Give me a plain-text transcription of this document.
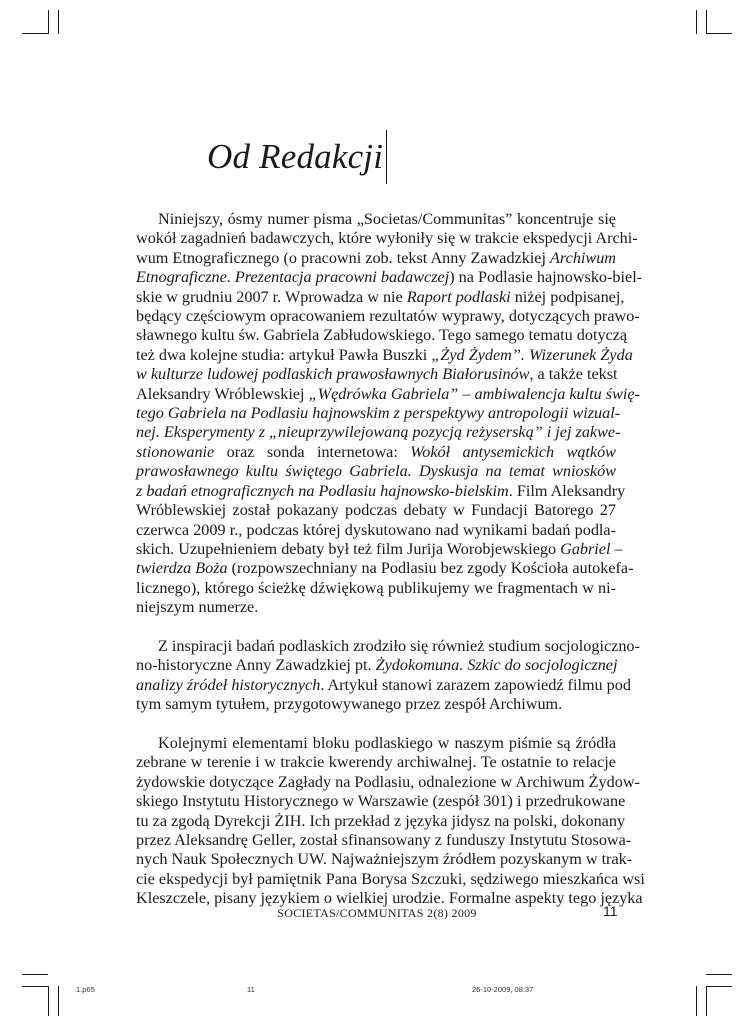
Od Redakcji

Niniejszy, ósmy numer pisma „Societas/Communitas” koncentruje się
wokół zagadnień badawczych, które wyłoniły się w trakcie ekspedycji Archi-
wum Etnograficznego (o pracowni zob. tekst Anny Zawadzkiej Archiwum
Etnograficzne. Prezentacja pracowni badawczej) na Podlasie hajnowsko-biel-
skie w grudniu 2007 r. Wprowadza w nie Raport podlaski niżej podpisanej,
będący częściowym opracowaniem rezultatów wyprawy, dotyczących prawo-
sławnego kultu św. Gabriela Zabłudowskiego. Tego samego tematu dotyczą
też dwa kolejne studia: artykuł Pawła Buszki „Żyd Żydem”. Wizerunek Żyda
w kulturze ludowej podlaskich prawosławnych Białorusinów, a także tekst
Aleksandry Wróblewskiej „Wędrówka Gabriela” – ambiwalencja kultu świę-
tego Gabriela na Podlasiu hajnowskim z perspektywy antropologii wizual-
nej. Eksperymenty z „nieuprzywilejowaną pozycją reżyserską” i jej zakwe-
stionowanie oraz sonda internetowa: Wokół antysemickich wątków
prawosławnego kultu świętego Gabriela. Dyskusja na temat wniosków
z badań etnograficznych na Podlasiu hajnowsko-bielskim. Film Aleksandry
Wróblewskiej został pokazany podczas debaty w Fundacji Batorego 27
czerwca 2009 r., podczas której dyskutowano nad wynikami badań podla-
skich. Uzupełnieniem debaty był też film Jurija Worobjewskiego Gabriel –
twierdza Boża (rozpowszechniany na Podlasiu bez zgody Kościoła autokefa-
licznego), którego ścieżkę dźwiękową publikujemy we fragmentach w ni-
niejszym numerze.

Z inspiracji badań podlaskich zrodziło się również studium socjologiczno-
no-historyczne Anny Zawadzkiej pt. Żydokomuna. Szkic do socjologicznej
analizy źródeł historycznych. Artykuł stanowi zarazem zapowiedź filmu pod
tym samym tytułem, przygotowywanego przez zespół Archiwum.

Kolejnymi elementami bloku podlaskiego w naszym piśmie są źródła
zebrane w terenie i w trakcie kwerendy archiwalnej. Te ostatnie to relacje
żydowskie dotyczące Zagłady na Podlasiu, odnalezione w Archiwum Żydow-
skiego Instytutu Historycznego w Warszawie (zespół 301) i przedrukowane
tu za zgodą Dyrekcji ŻIH. Ich przekład z języka jidysz na polski, dokonany
przez Aleksandrę Geller, został sfinansowany z funduszy Instytutu Stosowa-
nych Nauk Społecznych UW. Najważniejszym źródłem pozyskanym w trak-
cie ekspedycji był pamiętnik Pana Borysa Szczuki, sędziwego mieszkańca wsi
Kleszczele, pisany językiem o wielkiej urodzie. Formalne aspekty tego języka

SOCIETAS/COMMUNITAS 2(8) 2009	11
1.p65	11	26-10-2009, 08:37
